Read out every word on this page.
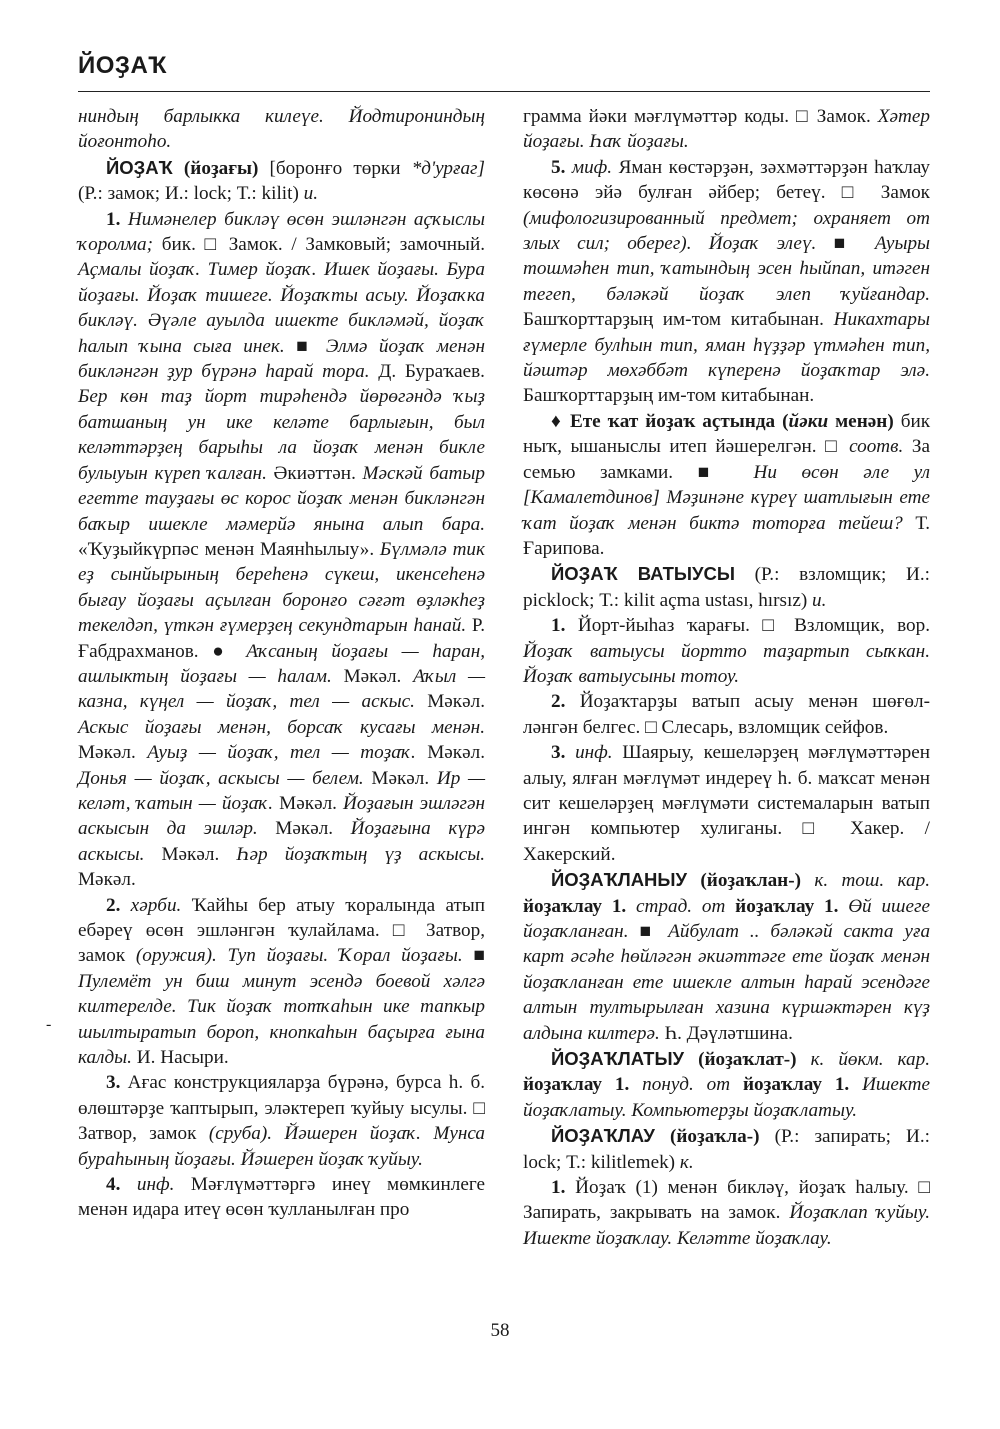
ЙОҘАҠ

ниндың барлыкка килеүе. Йодтирониндың йоғонтоһо.

ЙОҘАҠ (йоҙағы) [боронғо төрки *д'урғаг] (Р.: замок; И.: lock; Т.: kilit) и.

1. Нимәнелер бикләү өсөн эшләнгән аҫҡыслы ҡоролма; бик. □ Замок. / Замковый; замочный. Аҫмалы йоҙаҡ. Тимер йоҙаҡ. Ишек йоҙағы. Бура йоҙағы. Йоҙаҡ тишеге. Йоҙаҡты асыу. Йоҙаҡка бикләү. Әүәле ауылда ишекте бикләмәй, йоҙаҡ һалып ҡына сыға инек. ■ Элмә йоҙаҡ менән бикләнгән ҙур бүрәнә һарай тора. Д. Бураҡаев. Бер көн таҙ йорт тирәһендә йөрөгәндә ҡыҙ батшаның ун ике келәте барлығын, был келәттәрҙең барыһы ла йоҙаҡ менән бикле булыуын күреп ҡалған. Әкиәттән. Мәскәй батыр егетте тауҙағы өс корос йоҙаҡ менән бикләнгән баҡыр ишекле мәмерйә янына алып бара. «Ҡуҙыйкүрпәс менән Маянһылыу». Бүлмәлә тик еҙ сынйырының береһенә сүкеш, икенсеһенә бығау йоҙағы аҫылған боронғо сәғәт өҙләкһеҙ текелдәп, үткән ғүмерҙең секундтарын һанай. Р. Ғабдрахманов. ● Аҡсаның йоҙағы — һаран, ашлыктың йоҙағы — һалам. Мәкәл. Аҡыл — казна, күңел — йоҙаҡ, тел — аскыс. Мәкәл. Аскыс йоҙағы менән, борсаҡ кусағы менән. Мәкәл. Ауыҙ — йоҙаҡ, тел — тоҙаҡ. Мәкәл. Донья — йоҙаҡ, аскысы — белем. Мәкәл. Ир — келәт, ҡатын — йоҙаҡ. Мәкәл. Йоҙағын эшләгән аскысын да эшләр. Мәкәл. Йоҙағына күрә аскысы. Мәкәл. Һәр йоҙаҡтың үҙ аскысы. Мәкәл.

2. хәрби. Ҡайһы бер атыу ҡоралында атып ебәреү өсөн эшләнгән ҡулайлама. □ Затвор, замок (оружия). Туп йоҙағы. Ҡорал йоҙағы. ■ Пулемёт ун биш минут эсендә боевой хәлгә килтерелде. Тик йоҙаҡ тотҡаһын ике тапкыр шылтыратып бороп, кнопкаһын баҫырға ғына калды. И. Насыри.

3. Ағас конструкцияларҙа бүрәнә, бурса һ. б. өлөштәрҙе ҡаптырып, эләктереп ҡуйыу ысулы. □ Затвор, замок (сруба). Йәшерен йоҙаҡ. Мунса бураһының йоҙағы. Йәшерен йоҙаҡ ҡуйыу.

4. инф. Мәғлүмәттәргә инеү мөмкинлеге менән идара итеү өсөн ҡулланылған про

грамма йәки мәғлүмәттәр коды. □ Замок. Хәтер йоҙағы. Һаҡ йоҙағы.

5. миф. Яман көстәрҙән, зәхмәттәрҙән һаҡлау көсөнә эйә булған әйбер; бетеү. □ Замок (мифологизированный предмет; охраняет от злых сил; оберег). Йоҙаҡ элеү. ■ Ауыры тошмәһен тип, ҡатындың эсен һыйпап, итәген тегеп, бәләкәй йоҙаҡ элеп ҡуйғандар. Башҡорттарҙың им-том китабынан. Никахтары ғүмерле булһын тип, яман һүҙҙәр үтмәһен тип, йәштәр мөхәббәт күперенә йоҙаҡтар элә. Башҡорттарҙың им-том китабынан.

♦ Ете ҡат йоҙаҡ аҫтында (йәки менән) бик ныҡ, ышаныслы итеп йәшерелгән. □ соотв. За семью замками. ■ Ни өсөн әле ул [Камалетдинов] Мәҙинәне күреү шатлығын ете ҡат йоҙаҡ менән биктә тоторға тейеш? Т. Ғарипова.

ЙОҘАҠ ВАТЫУСЫ (Р.: взломщик; И.: picklock; Т.: kilit açma ustası, hırsız) и.

1. Йорт-йыһаз ҡарағы. □ Взломщик, вор. Йоҙаҡ ватыусы йортто таҙартып сыҡкан. Йоҙаҡ ватыусыны тотоу.

2. Йоҙаҡтарҙы ватып асыу менән шөғөлләнгән белгес. □ Слесарь, взломщик сейфов.

3. инф. Шаярыу, кешеләрҙең мәғлүмәттәрен алыу, ялған мәғлүмәт индереү һ. б. маҡсат менән сит кешеләрҙең мәғлүмәти системаларын ватып ингән компьютер хулиганы. □ Хакер. / Хакерский.

ЙОҘАҠЛАНЫУ (йоҙаҡлан-) к. тош. кар. йоҙаҡлау 1. страд. от йоҙаҡлау 1. Өй ишеге йоҙаҡланған. ■ Айбулат .. бәләкәй сакта уға карт әсәһе һөйләгән әкиәттәге ете йоҙаҡ менән йоҙаҡланған ете ишекле алтын һарай эсендәге алтын тултырылған хазина күршәктәрен күҙ алдына килтерә. Һ. Дәүләтшина.

ЙОҘАҠЛАТЫУ (йоҙаҡлат-) к. йөкм. кар. йоҙаҡлау 1. понуд. от йоҙаҡлау 1. Ишекте йоҙаҡлатыу. Компьютерҙы йоҙаҡлатыу.

ЙОҘАҠЛАУ (йоҙаҡла-) (Р.: запирать; И.: lock; Т.: kilitlemek) к.

1. Йоҙаҡ (1) менән бикләү, йоҙаҡ һалыу. □ Запирать, закрывать на замок. Йоҙаҡлап ҡуйыу. Ишекте йоҙаҡлау. Келәтте йоҙаҡлау.

-
58
